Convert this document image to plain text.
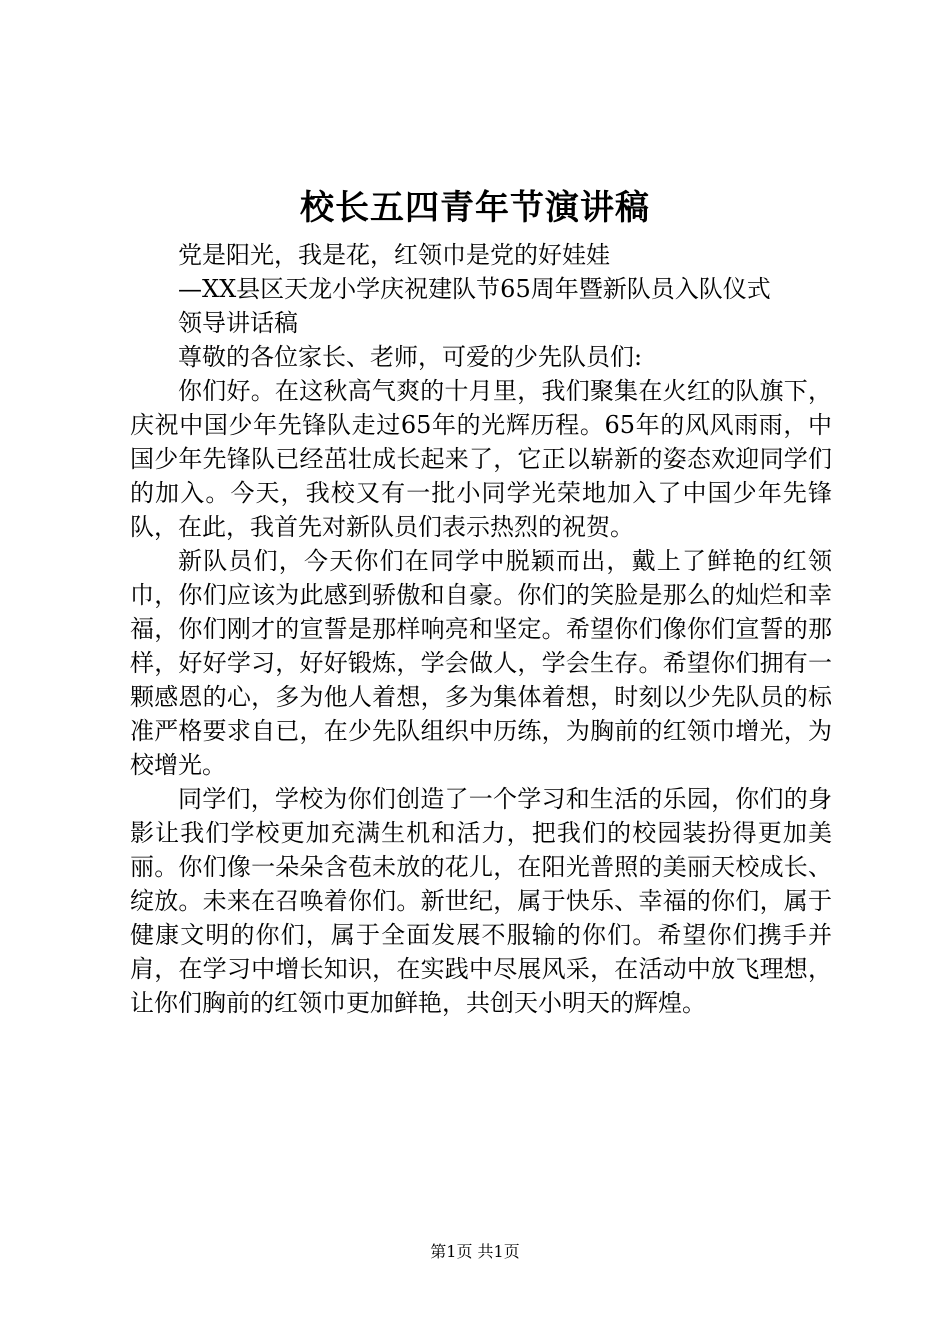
校长五四青年节演讲稿

党是阳光，我是花，红领巾是党的好娃娃

—XX县区天龙小学庆祝建队节65周年暨新队员入队仪式

领导讲话稿

尊敬的各位家长、老师，可爱的少先队员们:

你们好。在这秋高气爽的十月里，我们聚集在火红的队旗下，庆祝中国少年先锋队走过65年的光辉历程。65年的风风雨雨，中国少年先锋队已经茁壮成长起来了，它正以崭新的姿态欢迎同学们的加入。今天，我校又有一批小同学光荣地加入了中国少年先锋队，在此，我首先对新队员们表示热烈的祝贺。

新队员们，今天你们在同学中脱颖而出，戴上了鲜艳的红领巾，你们应该为此感到骄傲和自豪。你们的笑脸是那么的灿烂和幸福，你们刚才的宣誓是那样响亮和坚定。希望你们像你们宣誓的那样，好好学习，好好锻炼，学会做人，学会生存。希望你们拥有一颗感恩的心，多为他人着想，多为集体着想，时刻以少先队员的标准严格要求自已，在少先队组织中历练，为胸前的红领巾增光，为校增光。

同学们，学校为你们创造了一个学习和生活的乐园，你们的身影让我们学校更加充满生机和活力，把我们的校园装扮得更加美丽。你们像一朵朵含苞未放的花儿，在阳光普照的美丽天校成长、绽放。未来在召唤着你们。新世纪，属于快乐、幸福的你们，属于健康文明的你们，属于全面发展不服输的你们。希望你们携手并肩，在学习中增长知识，在实践中尽展风采，在活动中放飞理想，让你们胸前的红领巾更加鲜艳，共创天小明天的辉煌。

第1页 共1页
